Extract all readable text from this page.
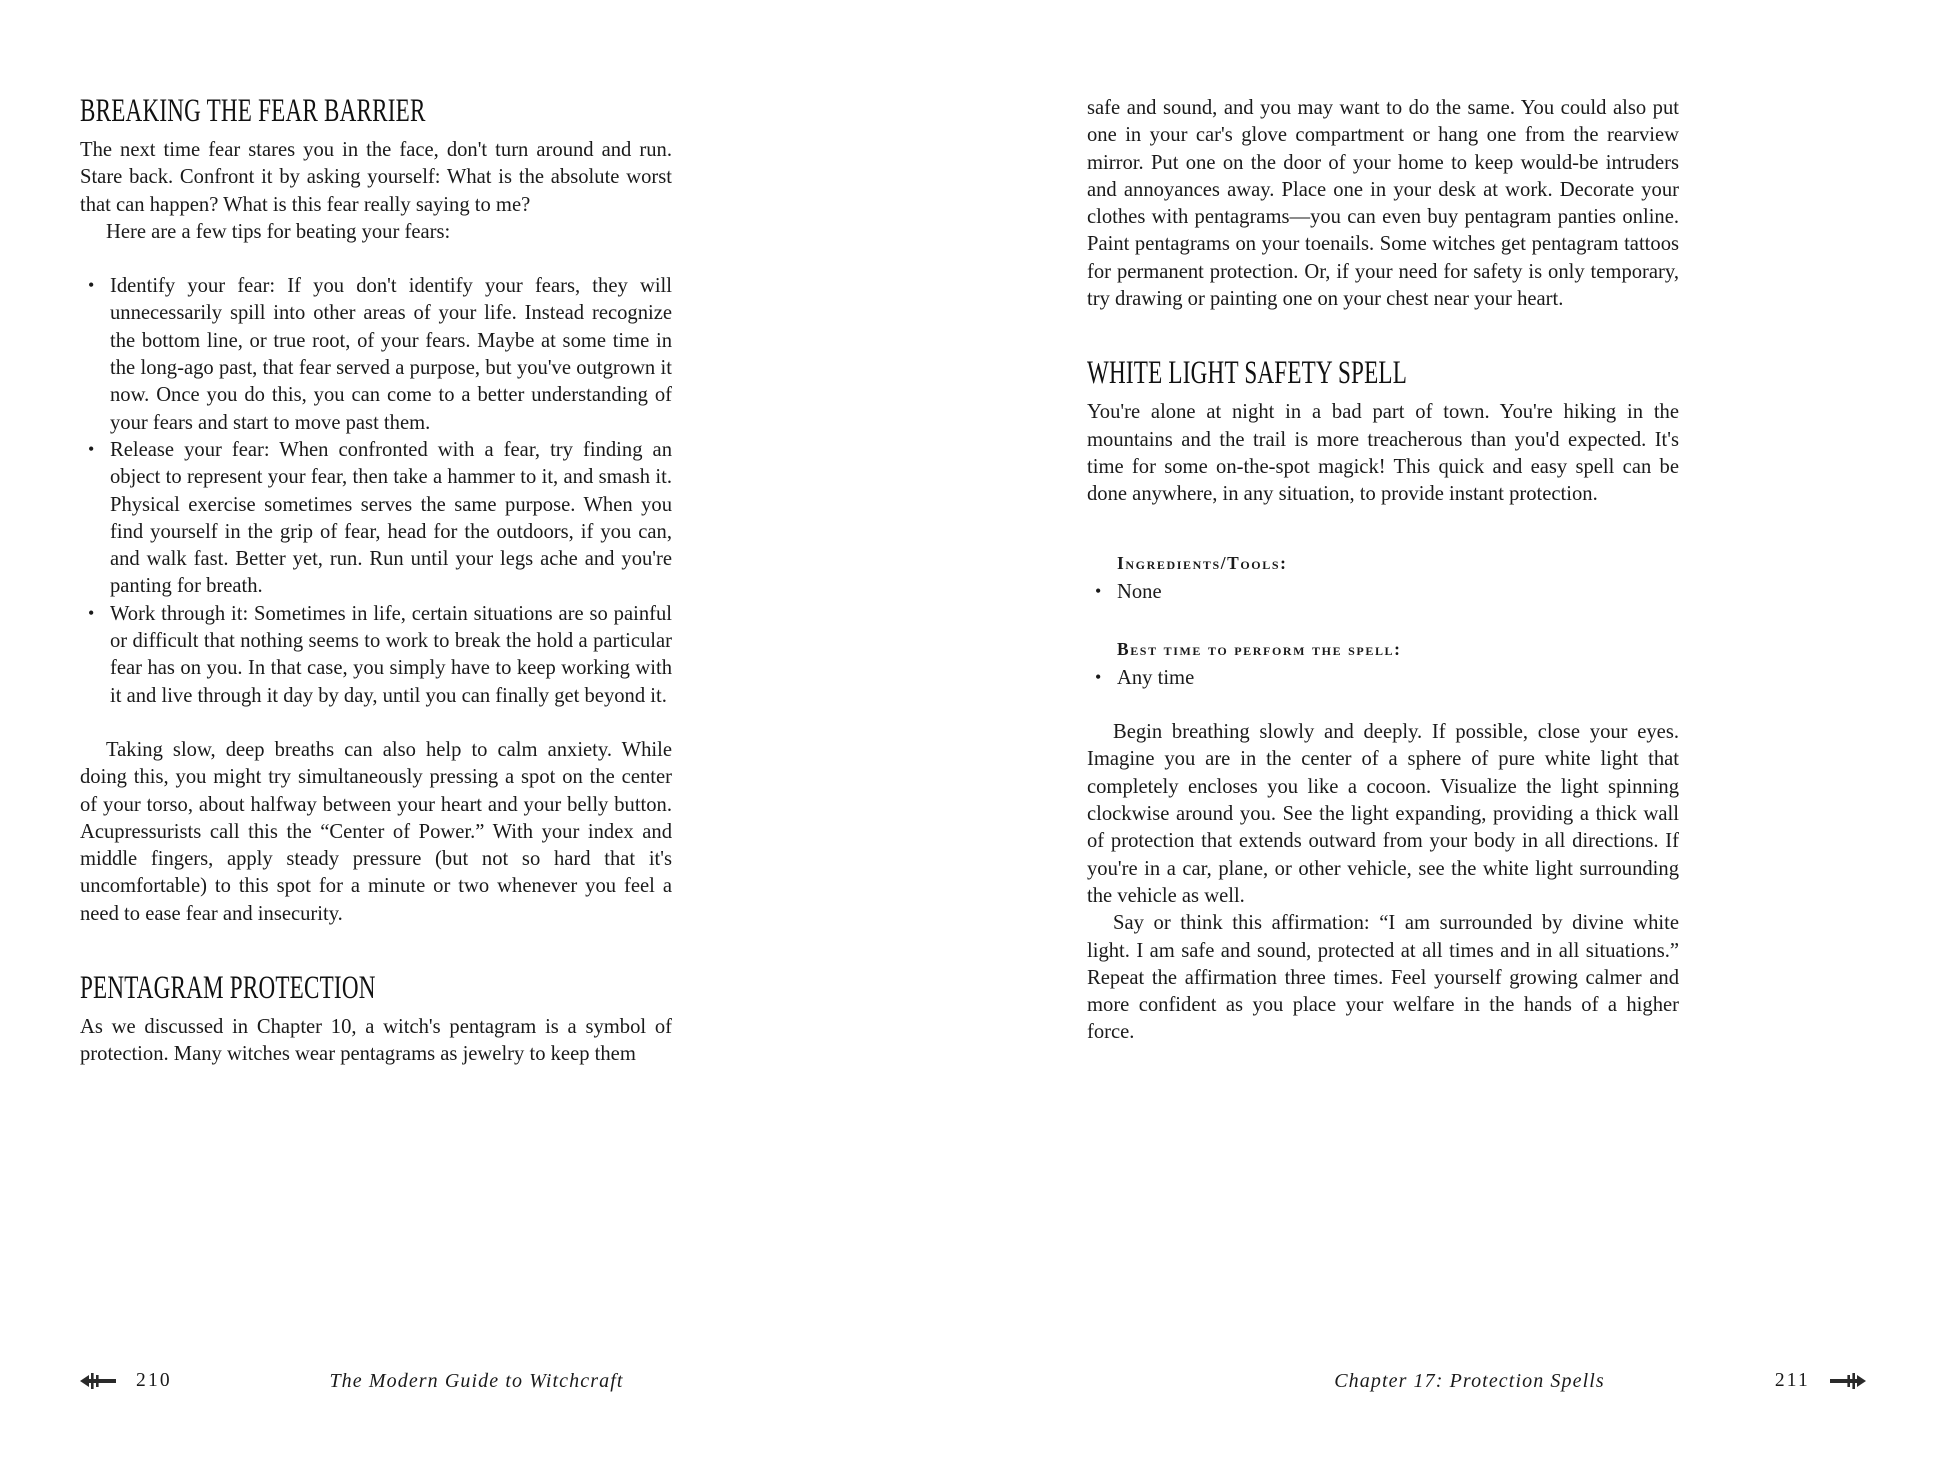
BREAKING THE FEAR BARRIER

The next time fear stares you in the face, don't turn around and run. Stare back. Confront it by asking yourself: What is the absolute worst that can happen? What is this fear really saying to me?

Here are a few tips for beating your fears:

• Identify your fear: If you don't identify your fears, they will unnecessarily spill into other areas of your life. Instead recognize the bottom line, or true root, of your fears. Maybe at some time in the long-ago past, that fear served a purpose, but you've outgrown it now. Once you do this, you can come to a better understanding of your fears and start to move past them.
• Release your fear: When confronted with a fear, try finding an object to represent your fear, then take a hammer to it, and smash it. Physical exercise sometimes serves the same purpose. When you find yourself in the grip of fear, head for the outdoors, if you can, and walk fast. Better yet, run. Run until your legs ache and you're panting for breath.
• Work through it: Sometimes in life, certain situations are so painful or difficult that nothing seems to work to break the hold a particular fear has on you. In that case, you simply have to keep working with it and live through it day by day, until you can finally get beyond it.

Taking slow, deep breaths can also help to calm anxiety. While doing this, you might try simultaneously pressing a spot on the center of your torso, about halfway between your heart and your belly button. Acupressurists call this the “Center of Power.” With your index and middle fingers, apply steady pressure (but not so hard that it's uncomfortable) to this spot for a minute or two whenever you feel a need to ease fear and insecurity.

PENTAGRAM PROTECTION

As we discussed in Chapter 10, a witch's pentagram is a symbol of protection. Many witches wear pentagrams as jewelry to keep them

210	The Modern Guide to Witchcraft

safe and sound, and you may want to do the same. You could also put one in your car's glove compartment or hang one from the rearview mirror. Put one on the door of your home to keep would-be intruders and annoyances away. Place one in your desk at work. Decorate your clothes with pentagrams—you can even buy pentagram panties online. Paint pentagrams on your toenails. Some witches get pentagram tattoos for permanent protection. Or, if your need for safety is only temporary, try drawing or painting one on your chest near your heart.

WHITE LIGHT SAFETY SPELL

You're alone at night in a bad part of town. You're hiking in the mountains and the trail is more treacherous than you'd expected. It's time for some on-the-spot magick! This quick and easy spell can be done anywhere, in any situation, to provide instant protection.

Ingredients/Tools:

• None

Best time to perform the spell:

• Any time

Begin breathing slowly and deeply. If possible, close your eyes. Imagine you are in the center of a sphere of pure white light that completely encloses you like a cocoon. Visualize the light spinning clockwise around you. See the light expanding, providing a thick wall of protection that extends outward from your body in all directions. If you're in a car, plane, or other vehicle, see the white light surrounding the vehicle as well.

Say or think this affirmation: “I am surrounded by divine white light. I am safe and sound, protected at all times and in all situations.” Repeat the affirmation three times. Feel yourself growing calmer and more confident as you place your welfare in the hands of a higher force.

Chapter 17: Protection Spells	211
